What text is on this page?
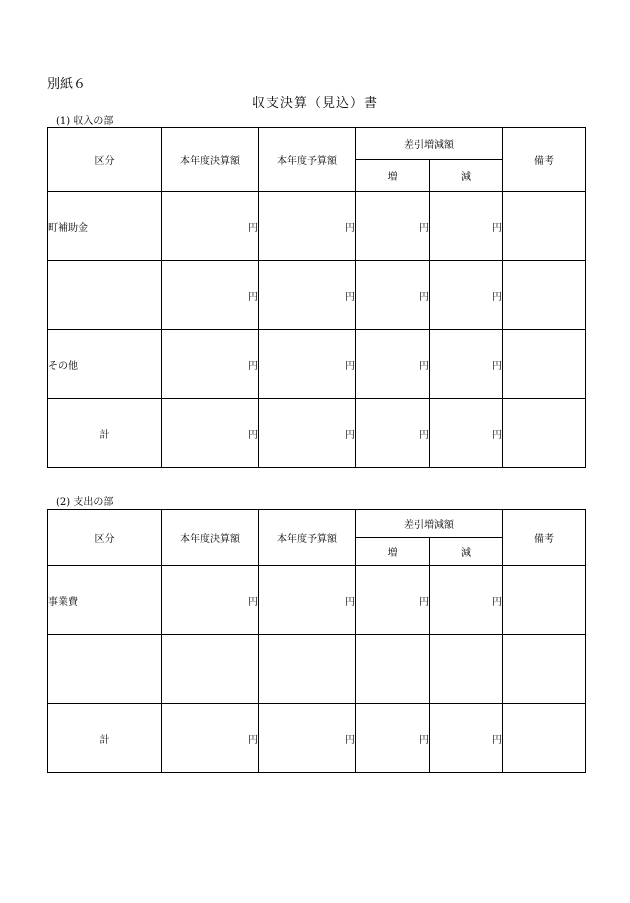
別紙６
収支決算（見込）書
(1) 収入の部
区分	本年度決算額	本年度予算額	差引増減額		備考
			増	減	
町補助金	円	円	円	円	
	円	円	円	円	
その他	円	円	円	円	
計	円	円	円	円	
(2) 支出の部
区分	本年度決算額	本年度予算額	差引増減額		備考
			増	減	
事業費	円	円	円	円	

計	円	円	円	円	
